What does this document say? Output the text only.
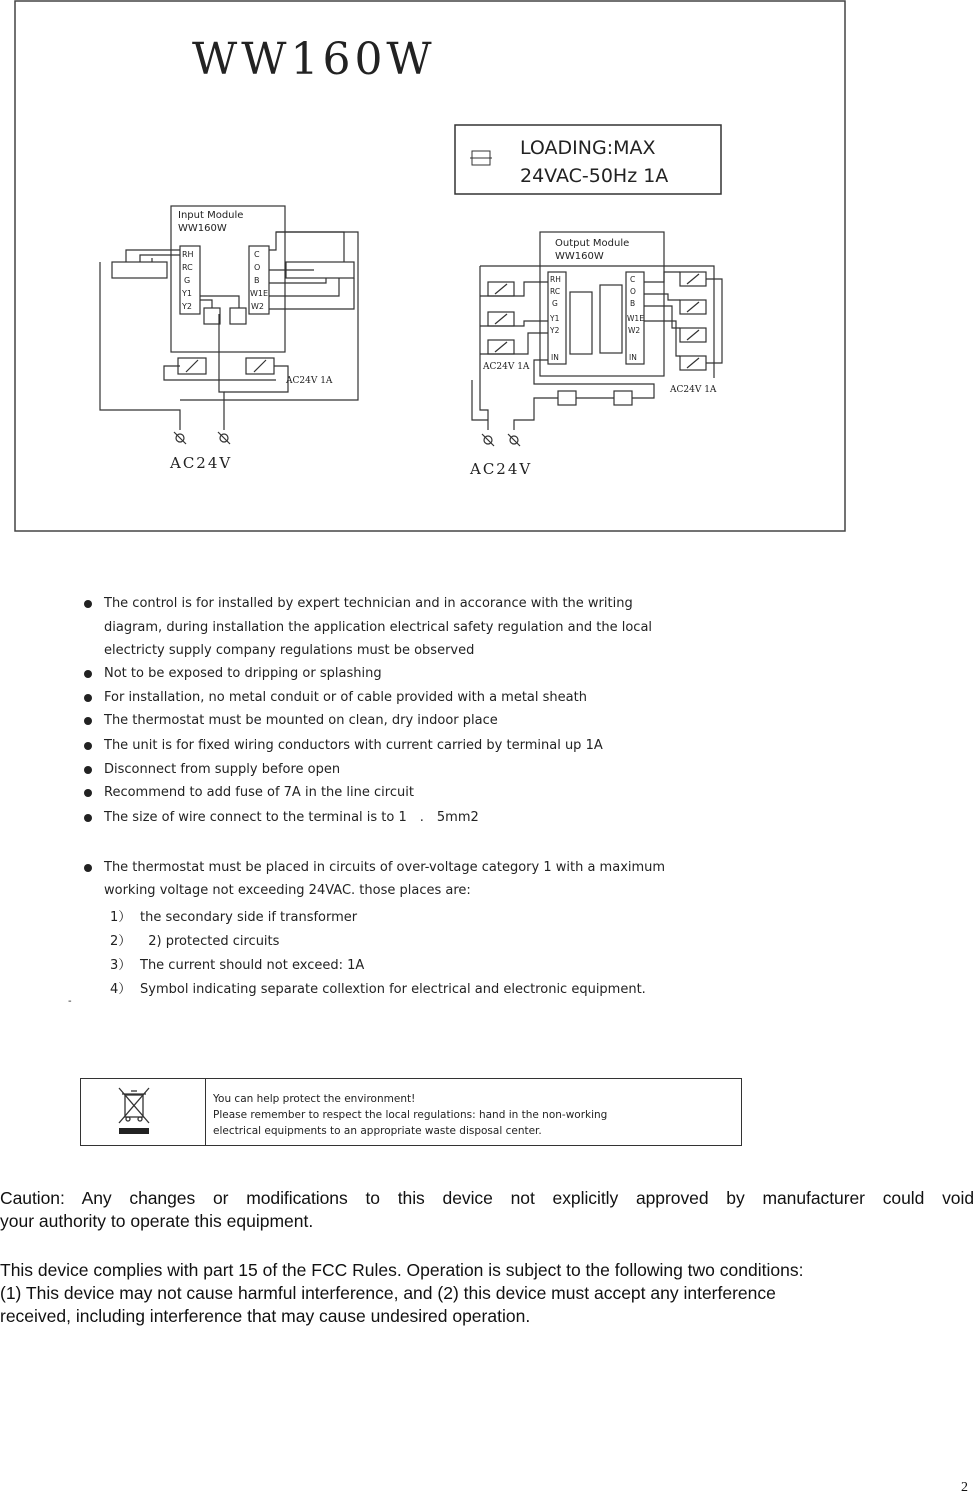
WW160W
LOADING:MAX
24VAC-50Hz 1A
Input Module
WW160W
RH
RC
G
Y1
Y2
C
O
B
W1E
W2
AC24V 1A
AC24V
Output Module
WW160W
RH
RC
G
Y1
Y2
IN
C
O
B
W1E
W2
IN
AC24V 1A
AC24V 1A
AC24V
The control is for installed by expert technician and in accorance with the writing
diagram, during installation the application electrical safety regulation and the local
electricty supply company regulations must be observed
Not to be exposed to dripping or splashing
For installation, no metal conduit or of cable provided with a metal sheath
The thermostat must be mounted on clean, dry indoor place
The unit is for fixed wiring conductors with current carried by terminal up 1A
Disconnect from supply before open
Recommend to add fuse of 7A in the line circuit
The size of wire connect to the terminal is to 1　.　5mm2
The thermostat must be placed in circuits of over-voltage category 1 with a maximum
working voltage not exceeding 24VAC. those places are:
1） the secondary side if transformer
2）  2) protected circuits
3） The current should not exceed: 1A
4） Symbol indicating separate collextion for electrical and electronic equipment.
-
You can help protect the environment!
Please remember to respect the local regulations: hand in the non-working
electrical equipments to an appropriate waste disposal center.
Caution: Any changes or modifications to this device not explicitly approved by manufacturer could void
your authority to operate this equipment.
This device complies with part 15 of the FCC Rules. Operation is subject to the following two conditions:
(1) This device may not cause harmful interference, and (2) this device must accept any interference
received, including interference that may cause undesired operation.
2
